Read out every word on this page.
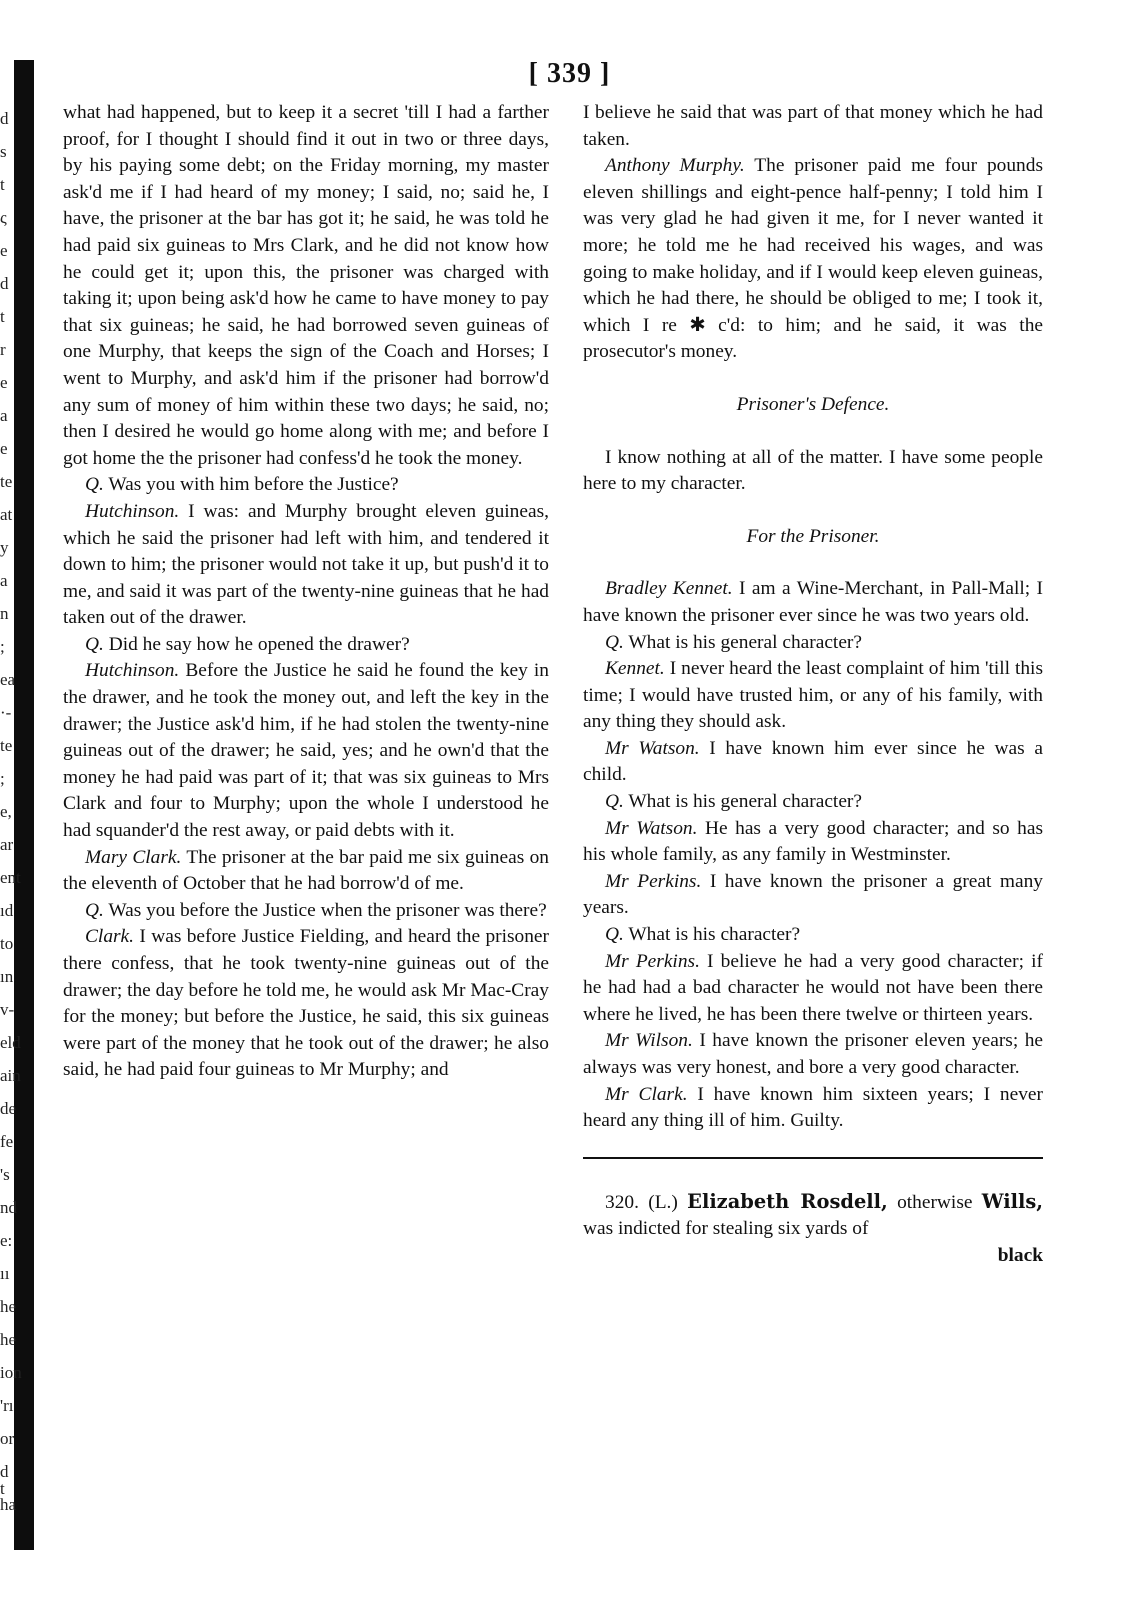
d
s
t
ς
e
d
t
r
e
a
e
te
at
y
a
n
;
ea
·-
te
;
e,
ar
ent
ıd
to
ın
v-
eld
ain
de
fe
's
nd
e:
ıı
he
he
ion
'rı
or
d t
ha
[ 339 ]

what had happened, but to keep it a secret 'till I had a farther proof, for I thought I should find it out in two or three days, by his paying some debt; on the Friday morning, my master ask'd me if I had heard of my money; I said, no; said he, I have, the prisoner at the bar has got it; he said, he was told he had paid six guineas to Mrs Clark, and he did not know how he could get it; upon this, the prisoner was charged with taking it; upon being ask'd how he came to have money to pay that six guineas; he said, he had borrowed seven guineas of one Murphy, that keeps the sign of the Coach and Horses; I went to Murphy, and ask'd him if the prisoner had borrow'd any sum of money of him within these two days; he said, no; then I desired he would go home along with me; and before I got home the the prisoner had confess'd he took the money.

Q. Was you with him before the Justice?

Hutchinson. I was: and Murphy brought eleven guineas, which he said the prisoner had left with him, and tendered it down to him; the prisoner would not take it up, but push'd it to me, and said it was part of the twenty-nine guineas that he had taken out of the drawer.

Q. Did he say how he opened the drawer?

Hutchinson. Before the Justice he said he found the key in the drawer, and he took the money out, and left the key in the drawer; the Justice ask'd him, if he had stolen the twenty-nine guineas out of the drawer; he said, yes; and he own'd that the money he had paid was part of it; that was six guineas to Mrs Clark and four to Murphy; upon the whole I understood he had squander'd the rest away, or paid debts with it.

Mary Clark. The prisoner at the bar paid me six guineas on the eleventh of October that he had borrow'd of me.

Q. Was you before the Justice when the prisoner was there?

Clark. I was before Justice Fielding, and heard the prisoner there confess, that he took twenty-nine guineas out of the drawer; the day before he told me, he would ask Mr Mac-Cray for the money; but before the Justice, he said, this six guineas were part of the money that he took out of the drawer; he also said, he had paid four guineas to Mr Murphy; and

I believe he said that was part of that money which he had taken.

Anthony Murphy. The prisoner paid me four pounds eleven shillings and eight-pence half-penny; I told him I was very glad he had given it me, for I never wanted it more; he told me he had received his wages, and was going to make holiday, and if I would keep eleven guineas, which he had there, he should be obliged to me; I took it, which I re ✱ c'd: to him; and he said, it was the prosecutor's money.

Prisoner's Defence.

I know nothing at all of the matter. I have some people here to my character.

For the Prisoner.

Bradley Kennet. I am a Wine-Merchant, in Pall-Mall; I have known the prisoner ever since he was two years old.

Q. What is his general character?

Kennet. I never heard the least complaint of him 'till this time; I would have trusted him, or any of his family, with any thing they should ask.

Mr Watson. I have known him ever since he was a child.

Q. What is his general character?

Mr Watson. He has a very good character; and so has his whole family, as any family in Westminster.

Mr Perkins. I have known the prisoner a great many years.

Q. What is his character?

Mr Perkins. I believe he had a very good character; if he had had a bad character he would not have been there where he lived, he has been there twelve or thirteen years.

Mr Wilson. I have known the prisoner eleven years; he always was very honest, and bore a very good character.

Mr Clark. I have known him sixteen years; I never heard any thing ill of him. Guilty.

320. (L.) Elizabeth Rosdell, otherwise Wills, was indicted for stealing six yards of

black
